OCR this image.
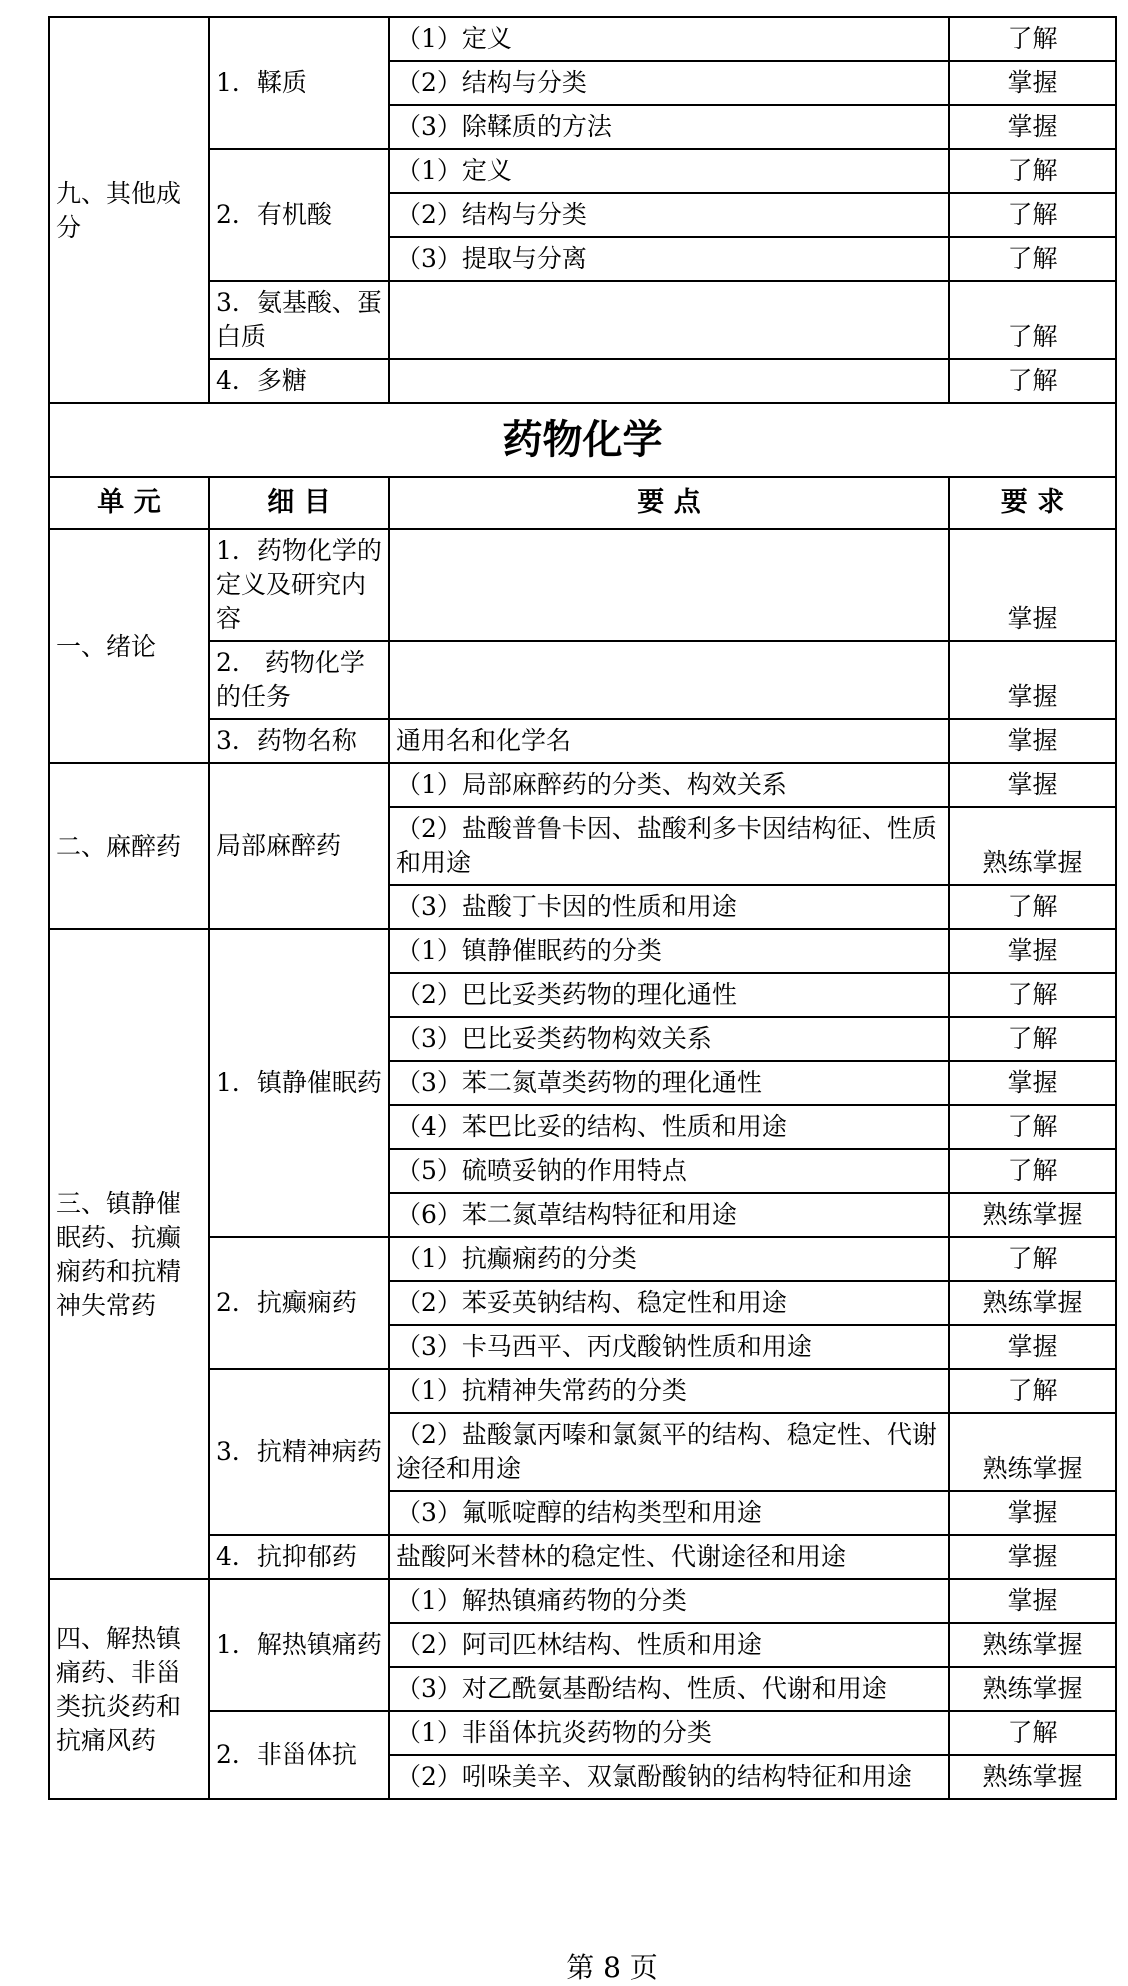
九、其他成分	1．鞣质	（1）定义	了解
		（2）结构与分类	掌握
		（3）除鞣质的方法	掌握
	2．有机酸	（1）定义	了解
		（2）结构与分类	了解
		（3）提取与分离	了解
	3．氨基酸、蛋白质		了解
	4．多糖		了解
药物化学			
单 元	细 目	要 点	要 求
一、绪论	1．药物化学的定义及研究内容		掌握
	2． 药物化学的任务		掌握
	3．药物名称	通用名和化学名	掌握
二、麻醉药	局部麻醉药	（1）局部麻醉药的分类、构效关系	掌握
		（2）盐酸普鲁卡因、盐酸利多卡因结构征、性质和用途	熟练掌握
		（3）盐酸丁卡因的性质和用途	了解
三、镇静催眠药、抗癫痫药和抗精神失常药	1．镇静催眠药	（1）镇静催眠药的分类	掌握
		（2）巴比妥类药物的理化通性	了解
		（3）巴比妥类药物构效关系	了解
		（3）苯二氮䓬类药物的理化通性	掌握
		（4）苯巴比妥的结构、性质和用途	了解
		（5）硫喷妥钠的作用特点	了解
		（6）苯二氮䓬结构特征和用途	熟练掌握
	2．抗癫痫药	（1）抗癫痫药的分类	了解
		（2）苯妥英钠结构、稳定性和用途	熟练掌握
		（3）卡马西平、丙戊酸钠性质和用途	掌握
	3．抗精神病药	（1）抗精神失常药的分类	了解
		（2）盐酸氯丙嗪和氯氮平的结构、稳定性、代谢途径和用途	熟练掌握
		（3）氟哌啶醇的结构类型和用途	掌握
	4．抗抑郁药	盐酸阿米替林的稳定性、代谢途径和用途	掌握
四、解热镇痛药、非甾类抗炎药和抗痛风药	1．解热镇痛药	（1）解热镇痛药物的分类	掌握
		（2）阿司匹林结构、性质和用途	熟练掌握
		（3）对乙酰氨基酚结构、性质、代谢和用途	熟练掌握
	2．非甾体抗	（1）非甾体抗炎药物的分类	了解
		（2）吲哚美辛、双氯酚酸钠的结构特征和用途	熟练掌握
第 8 页
